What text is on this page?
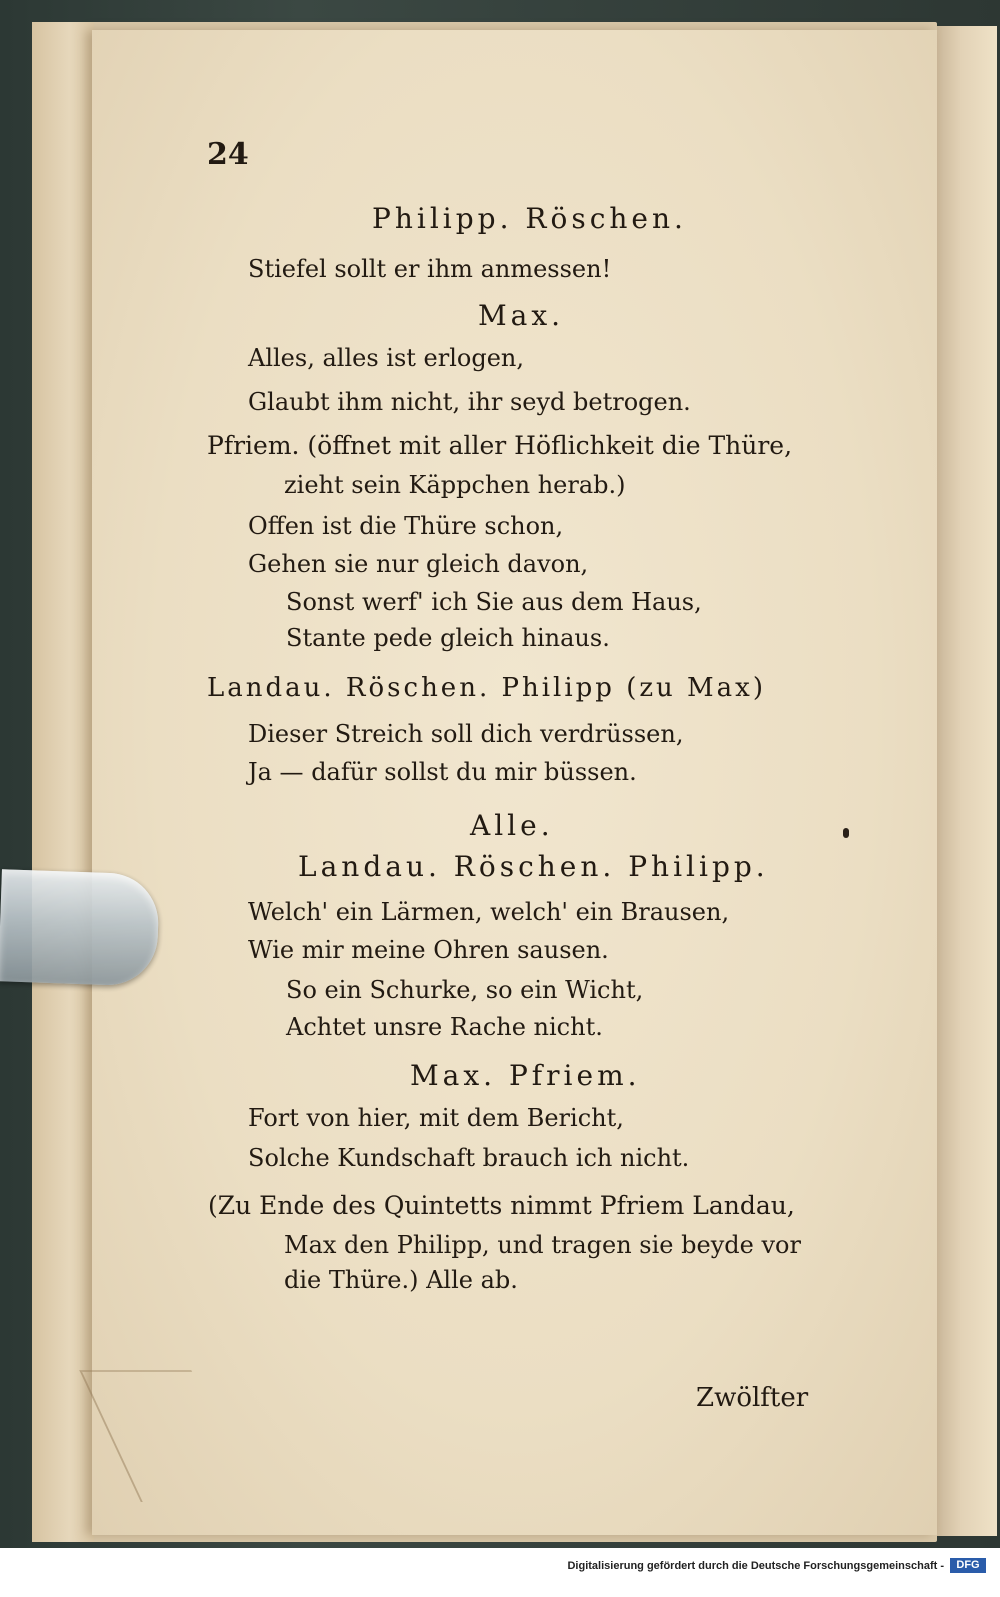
24
Philipp. Röschen.
Stiefel sollt er ihm anmessen!
Max.
Alles, alles ist erlogen,
Glaubt ihm nicht, ihr seyd betrogen.
Pfriem. (öffnet mit aller Höflichkeit die Thüre,
zieht sein Käppchen herab.)
Offen ist die Thüre schon,
Gehen sie nur gleich davon,
Sonst werf' ich Sie aus dem Haus,
Stante pede gleich hinaus.
Landau. Röschen. Philipp (zu Max)
Dieser Streich soll dich verdrüssen,
Ja — dafür sollst du mir büssen.
Alle.
Landau. Röschen. Philipp.
Welch' ein Lärmen, welch' ein Brausen,
Wie mir meine Ohren sausen.
So ein Schurke, so ein Wicht,
Achtet unsre Rache nicht.
Max. Pfriem.
Fort von hier, mit dem Bericht,
Solche Kundschaft brauch ich nicht.
(Zu Ende des Quintetts nimmt Pfriem Landau,
Max den Philipp, und tragen sie beyde vor
die Thüre.) Alle ab.
Zwölfter
Digitalisierung gefördert durch die Deutsche Forschungsgemeinschaft -	DFG
